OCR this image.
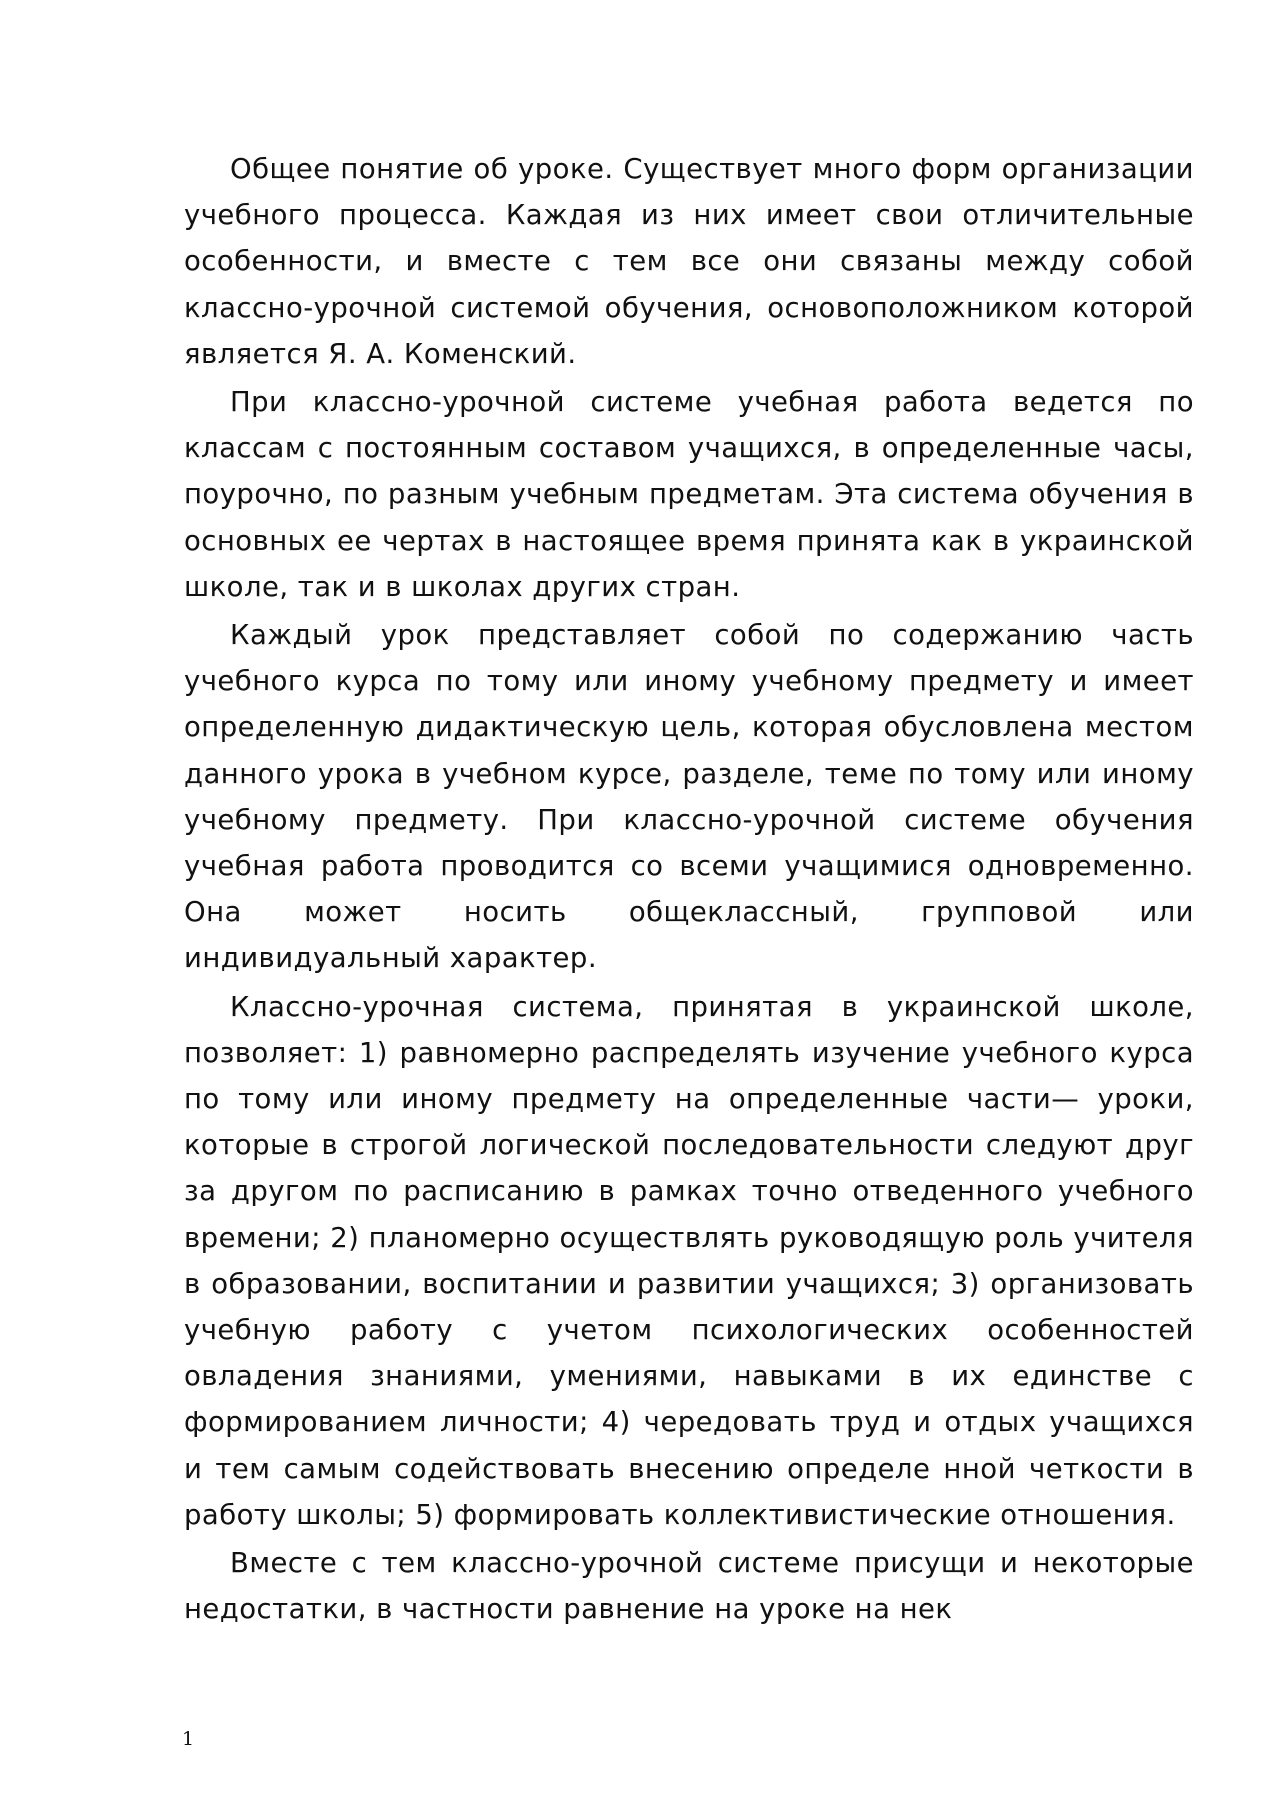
Общее понятие об уроке. Существует много форм организации учебного процесса. Каждая из них имеет свои отличительные особенности, и вместе с тем все они связаны между собой классно-урочной системой обучения, основоположником которой является Я. А. Коменский.

При классно-урочной системе учебная работа ведется по классам с постоянным составом учащихся, в определенные часы, поурочно, по разным учебным предметам. Эта система обучения в основных ее чертах в настоящее время принята как в украинской школе, так и в школах других стран.

Каждый урок представляет собой по содержанию часть учебного курса по тому или иному учебному предмету и имеет определенную дидактическую цель, которая обусловлена местом данного урока в учебном курсе, разделе, теме по тому или иному учебному предмету. При классно-урочной системе обучения учебная работа проводится со всеми учащимися одновременно. Она может носить общеклассный, групповой или индивидуальный характер.

Классно-урочная система, принятая в украинской школе, позволяет: 1) равномерно распределять изучение учебного курса по тому или иному предмету на определенные части— уроки, которые в строгой логической последовательности следуют друг за другом по расписанию в рамках точно отведенного учебного времени; 2) планомерно осуществлять руководящую роль учителя в образовании, воспитании и развитии учащихся; 3) организовать учебную работу с учетом психологических особенностей овладения знаниями, умениями, навыками в их единстве с формированием личности; 4) чередовать труд и отдых учащихся и тем самым содействовать внесению определе нной четкости в работу школы; 5) формировать коллективистические отношения.

Вместе с тем классно-урочной системе присущи и некоторые недостатки, в частности равнение на уроке на нек

1
